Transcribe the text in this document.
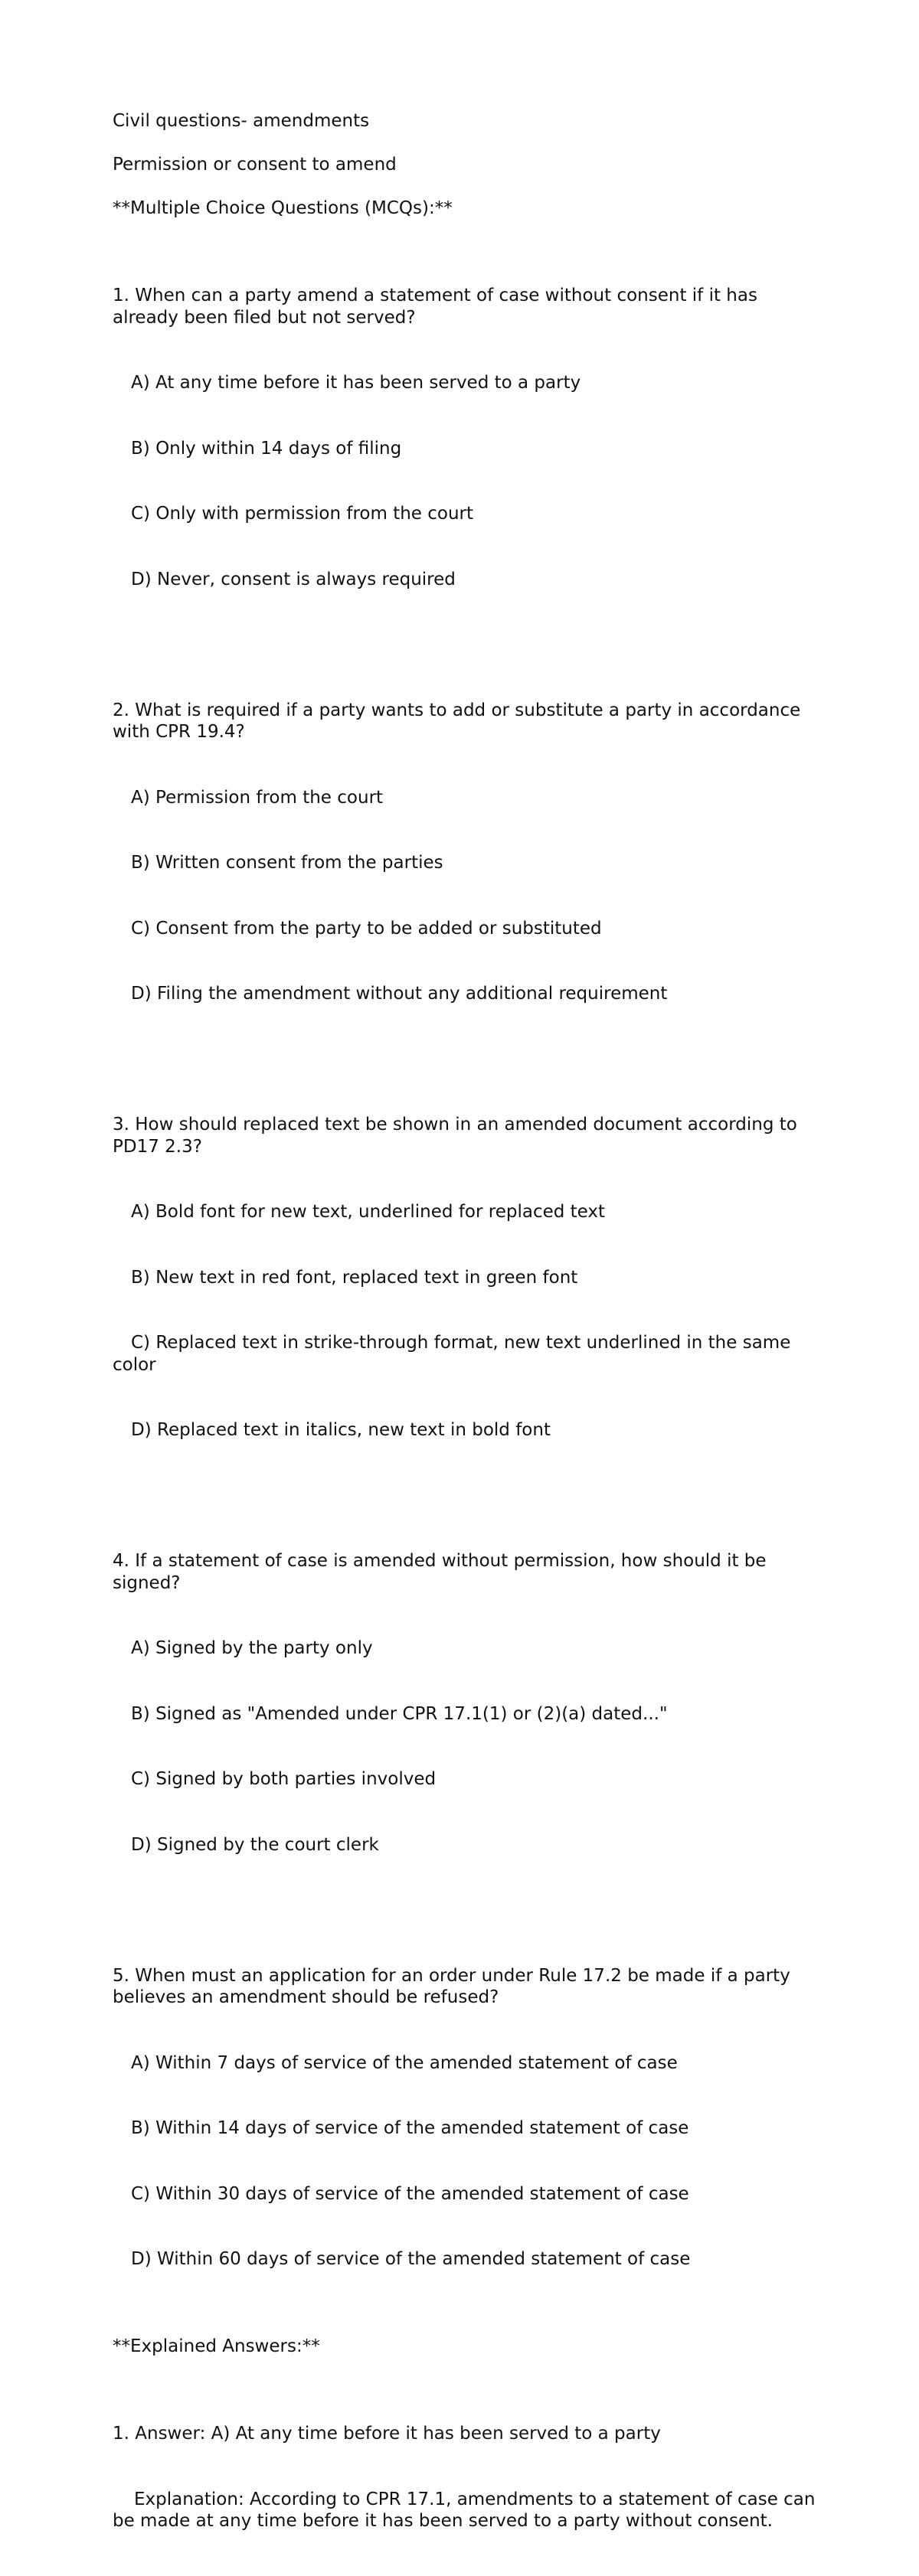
Civil questions- amendments

Permission or consent to amend

**Multiple Choice Questions (MCQs):**

1. When can a party amend a statement of case without consent if it has already been filed but not served?

A) At any time before it has been served to a party

B) Only within 14 days of filing

C) Only with permission from the court

D) Never, consent is always required

2. What is required if a party wants to add or substitute a party in accordance with CPR 19.4?

A) Permission from the court

B) Written consent from the parties

C) Consent from the party to be added or substituted

D) Filing the amendment without any additional requirement

3. How should replaced text be shown in an amended document according to PD17 2.3?

A) Bold font for new text, underlined for replaced text

B) New text in red font, replaced text in green font

C) Replaced text in strike-through format, new text underlined in the same color

D) Replaced text in italics, new text in bold font

4. If a statement of case is amended without permission, how should it be signed?

A) Signed by the party only

B) Signed as "Amended under CPR 17.1(1) or (2)(a) dated..."

C) Signed by both parties involved

D) Signed by the court clerk

5. When must an application for an order under Rule 17.2 be made if a party believes an amendment should be refused?

A) Within 7 days of service of the amended statement of case

B) Within 14 days of service of the amended statement of case

C) Within 30 days of service of the amended statement of case

D) Within 60 days of service of the amended statement of case

**Explained Answers:**

1. Answer: A) At any time before it has been served to a party

Explanation: According to CPR 17.1, amendments to a statement of case can be made at any time before it has been served to a party without consent.
